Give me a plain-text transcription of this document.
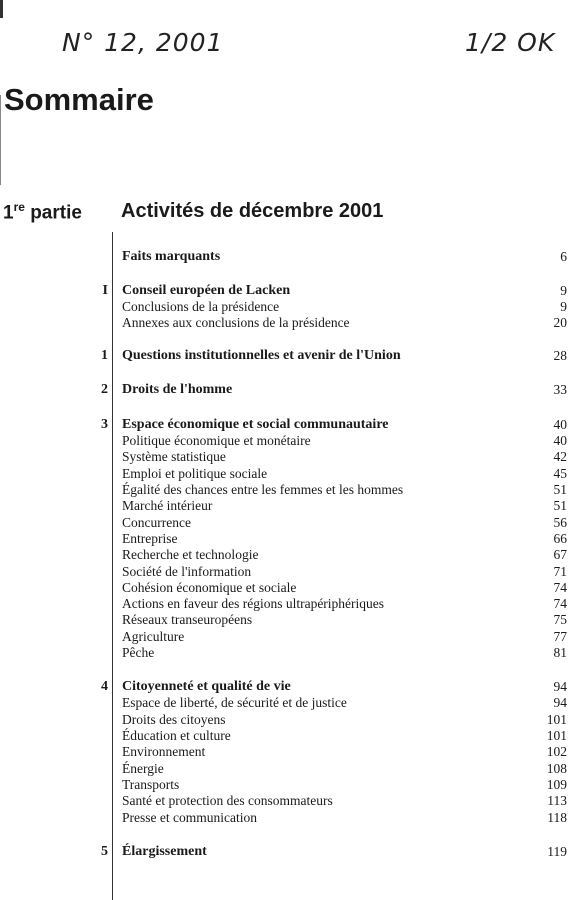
N° 12, 2001	1/2 OK
Sommaire
1re partie Activités de décembre 2001
Faits marquants	6
I Conseil européen de Lacken	9
Conclusions de la présidence	9
Annexes aux conclusions de la présidence	20
1 Questions institutionnelles et avenir de l'Union	28
2 Droits de l'homme	33
3 Espace économique et social communautaire	40
Politique économique et monétaire	40
Système statistique	42
Emploi et politique sociale	45
Égalité des chances entre les femmes et les hommes	51
Marché intérieur	51
Concurrence	56
Entreprise	66
Recherche et technologie	67
Société de l'information	71
Cohésion économique et sociale	74
Actions en faveur des régions ultrapériphériques	74
Réseaux transeuropéens	75
Agriculture	77
Pêche	81
4 Citoyenneté et qualité de vie	94
Espace de liberté, de sécurité et de justice	94
Droits des citoyens	101
Éducation et culture	101
Environnement	102
Énergie	108
Transports	109
Santé et protection des consommateurs	113
Presse et communication	118
5 Élargissement	119
